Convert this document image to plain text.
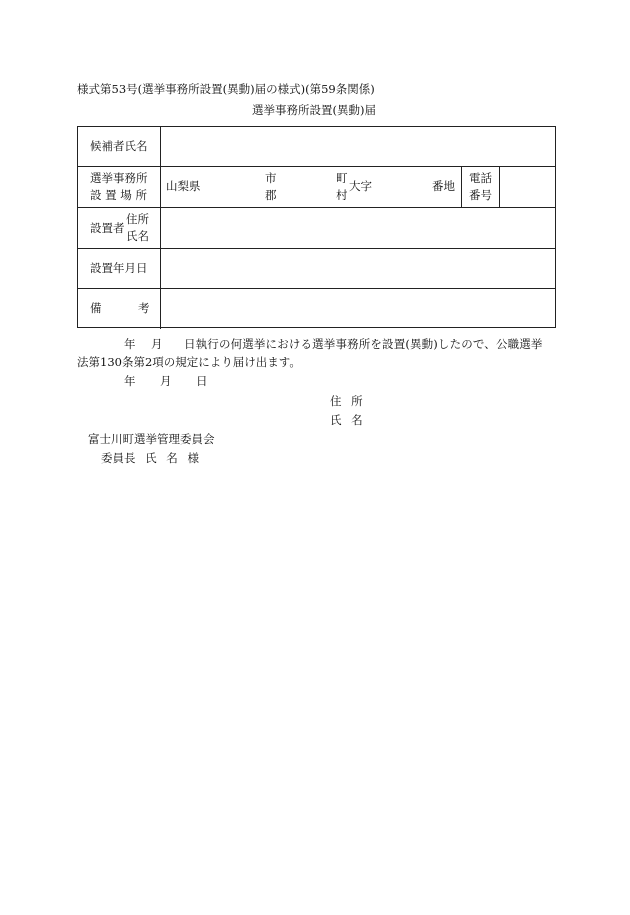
様式第53号(選挙事務所設置(異動)届の様式)(第59条関係)
選挙事務所設置(異動)届
候補者氏名
選挙事務所
設 置 場 所
山梨県
市
郡
町
村
大字	番地
電話
番号
設置者
住所
氏名
設置年月日
備	考
年 月 日執行の何選挙における選挙事務所を設置(異動)したので、公職選挙
法第130条第2項の規定により届け出ます。
年 月 日
住 所
氏 名
富士川町選挙管理委員会
委員長 氏 名 様
